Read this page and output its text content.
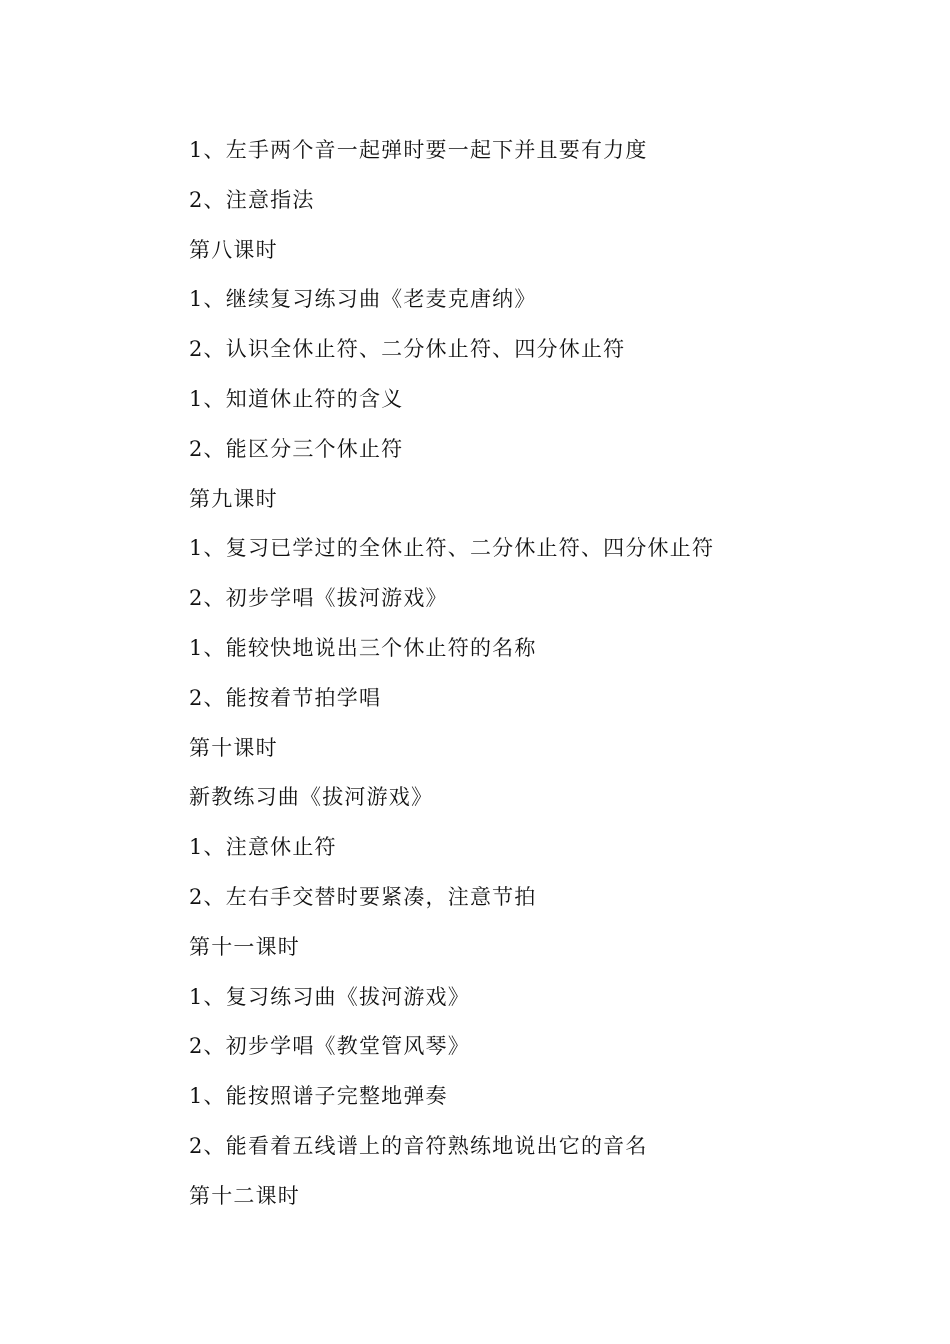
1、左手两个音一起弹时要一起下并且要有力度
2、注意指法
第八课时
1、继续复习练习曲《老麦克唐纳》
2、认识全休止符、二分休止符、四分休止符
1、知道休止符的含义
2、能区分三个休止符
第九课时
1、复习已学过的全休止符、二分休止符、四分休止符
2、初步学唱《拔河游戏》
1、能较快地说出三个休止符的名称
2、能按着节拍学唱
第十课时
新教练习曲《拔河游戏》
1、注意休止符
2、左右手交替时要紧凑，注意节拍
第十一课时
1、复习练习曲《拔河游戏》
2、初步学唱《教堂管风琴》
1、能按照谱子完整地弹奏
2、能看着五线谱上的音符熟练地说出它的音名
第十二课时
